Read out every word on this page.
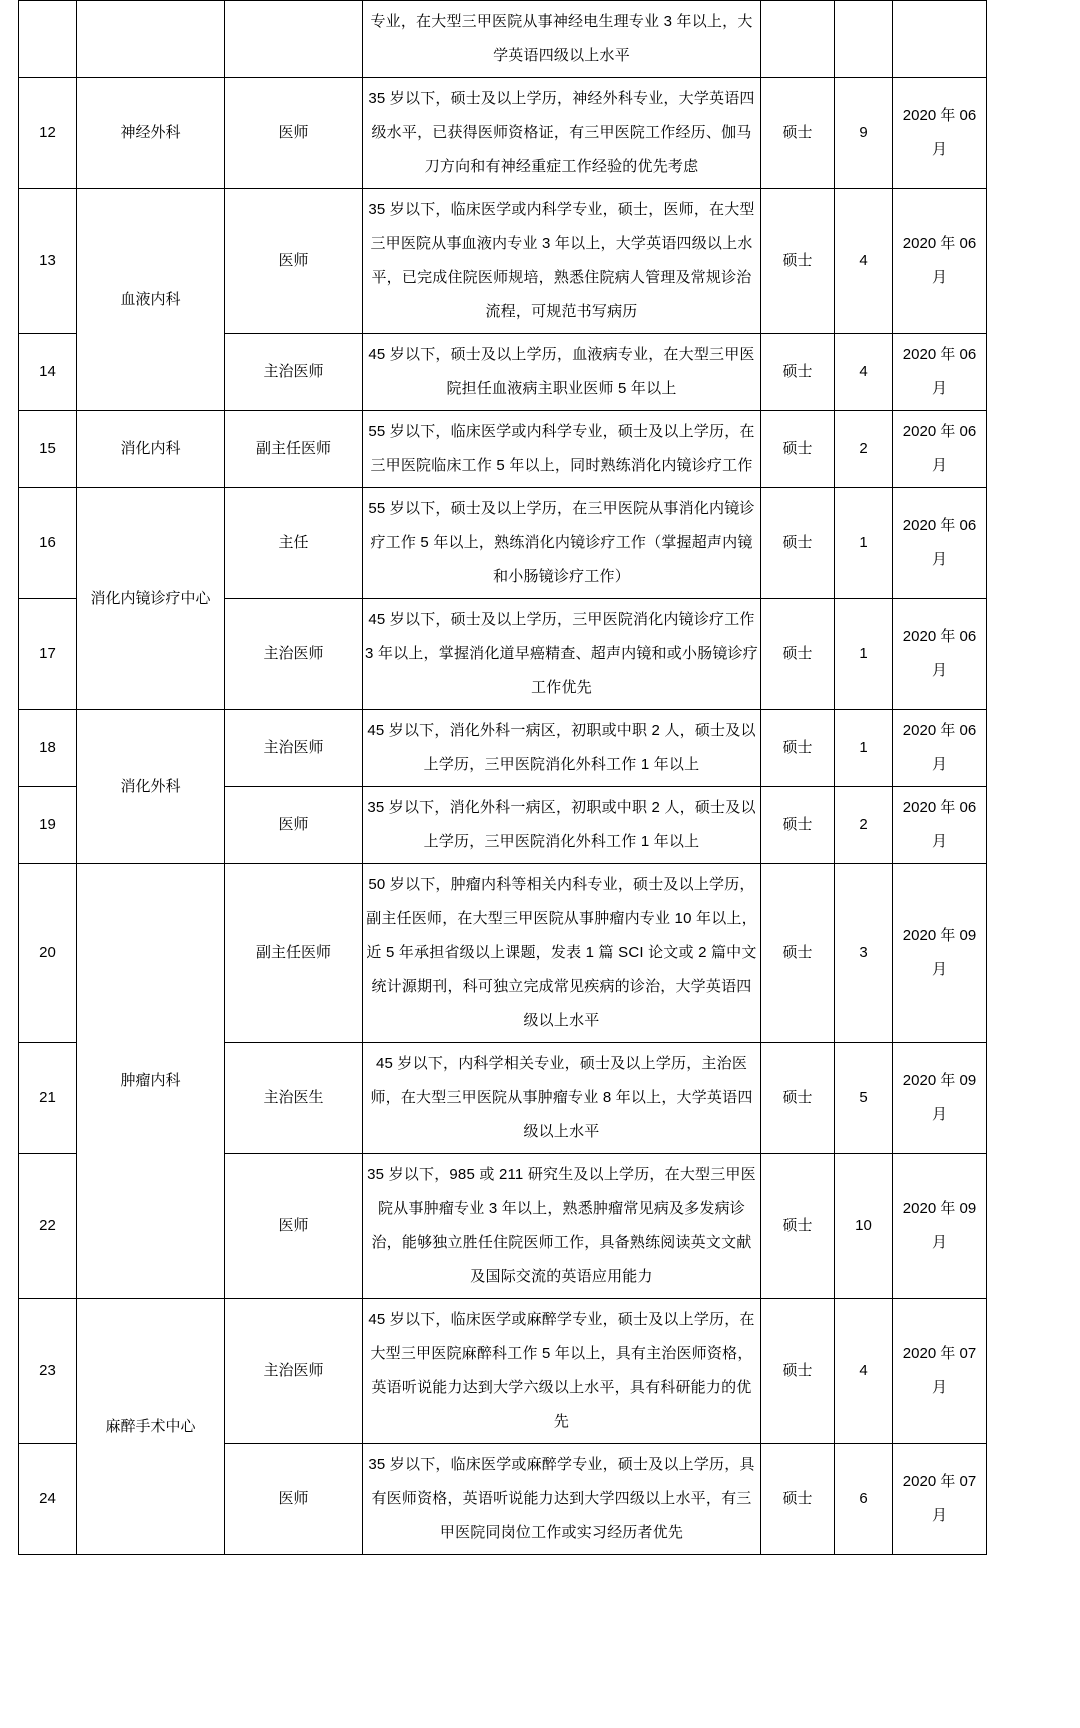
			专业，在大型三甲医院从事神经电生理专业 3 年以上，大学英语四级以上水平			
12	神经外科	医师	35 岁以下，硕士及以上学历，神经外科专业，大学英语四级水平，已获得医师资格证，有三甲医院工作经历、伽马刀方向和有神经重症工作经验的优先考虑	硕士	9	2020 年 06 月
13	血液内科	医师	35 岁以下，临床医学或内科学专业，硕士，医师，在大型三甲医院从事血液内专业 3 年以上，大学英语四级以上水平，已完成住院医师规培，熟悉住院病人管理及常规诊治流程，可规范书写病历	硕士	4	2020 年 06 月
14		主治医师	45 岁以下，硕士及以上学历，血液病专业，在大型三甲医院担任血液病主职业医师 5 年以上	硕士	4	2020 年 06 月
15	消化内科	副主任医师	55 岁以下，临床医学或内科学专业，硕士及以上学历，在三甲医院临床工作 5 年以上，同时熟练消化内镜诊疗工作	硕士	2	2020 年 06 月
16	消化内镜诊疗中心	主任	55 岁以下，硕士及以上学历，在三甲医院从事消化内镜诊疗工作 5 年以上，熟练消化内镜诊疗工作（掌握超声内镜和小肠镜诊疗工作）	硕士	1	2020 年 06 月
17		主治医师	45 岁以下，硕士及以上学历，三甲医院消化内镜诊疗工作 3 年以上，掌握消化道早癌精查、超声内镜和或小肠镜诊疗工作优先	硕士	1	2020 年 06 月
18	消化外科	主治医师	45 岁以下，消化外科一病区，初职或中职 2 人，硕士及以上学历，三甲医院消化外科工作 1 年以上	硕士	1	2020 年 06 月
19		医师	35 岁以下，消化外科一病区，初职或中职 2 人，硕士及以上学历，三甲医院消化外科工作 1 年以上	硕士	2	2020 年 06 月
20	肿瘤内科	副主任医师	50 岁以下，肿瘤内科等相关内科专业，硕士及以上学历，副主任医师，在大型三甲医院从事肿瘤内专业 10 年以上，近 5 年承担省级以上课题，发表 1 篇 SCI 论文或 2 篇中文统计源期刊，科可独立完成常见疾病的诊治，大学英语四级以上水平	硕士	3	2020 年 09 月
21		主治医生	45 岁以下，内科学相关专业，硕士及以上学历，主治医师，在大型三甲医院从事肿瘤专业 8 年以上，大学英语四级以上水平	硕士	5	2020 年 09 月
22		医师	35 岁以下，985 或 211 研究生及以上学历，在大型三甲医院从事肿瘤专业 3 年以上，熟悉肿瘤常见病及多发病诊治，能够独立胜任住院医师工作，具备熟练阅读英文文献及国际交流的英语应用能力	硕士	10	2020 年 09 月
23	麻醉手术中心	主治医师	45 岁以下，临床医学或麻醉学专业，硕士及以上学历，在大型三甲医院麻醉科工作 5 年以上，具有主治医师资格，英语听说能力达到大学六级以上水平，具有科研能力的优先	硕士	4	2020 年 07 月
24		医师	35 岁以下，临床医学或麻醉学专业，硕士及以上学历，具有医师资格，英语听说能力达到大学四级以上水平，有三甲医院同岗位工作或实习经历者优先	硕士	6	2020 年 07 月
